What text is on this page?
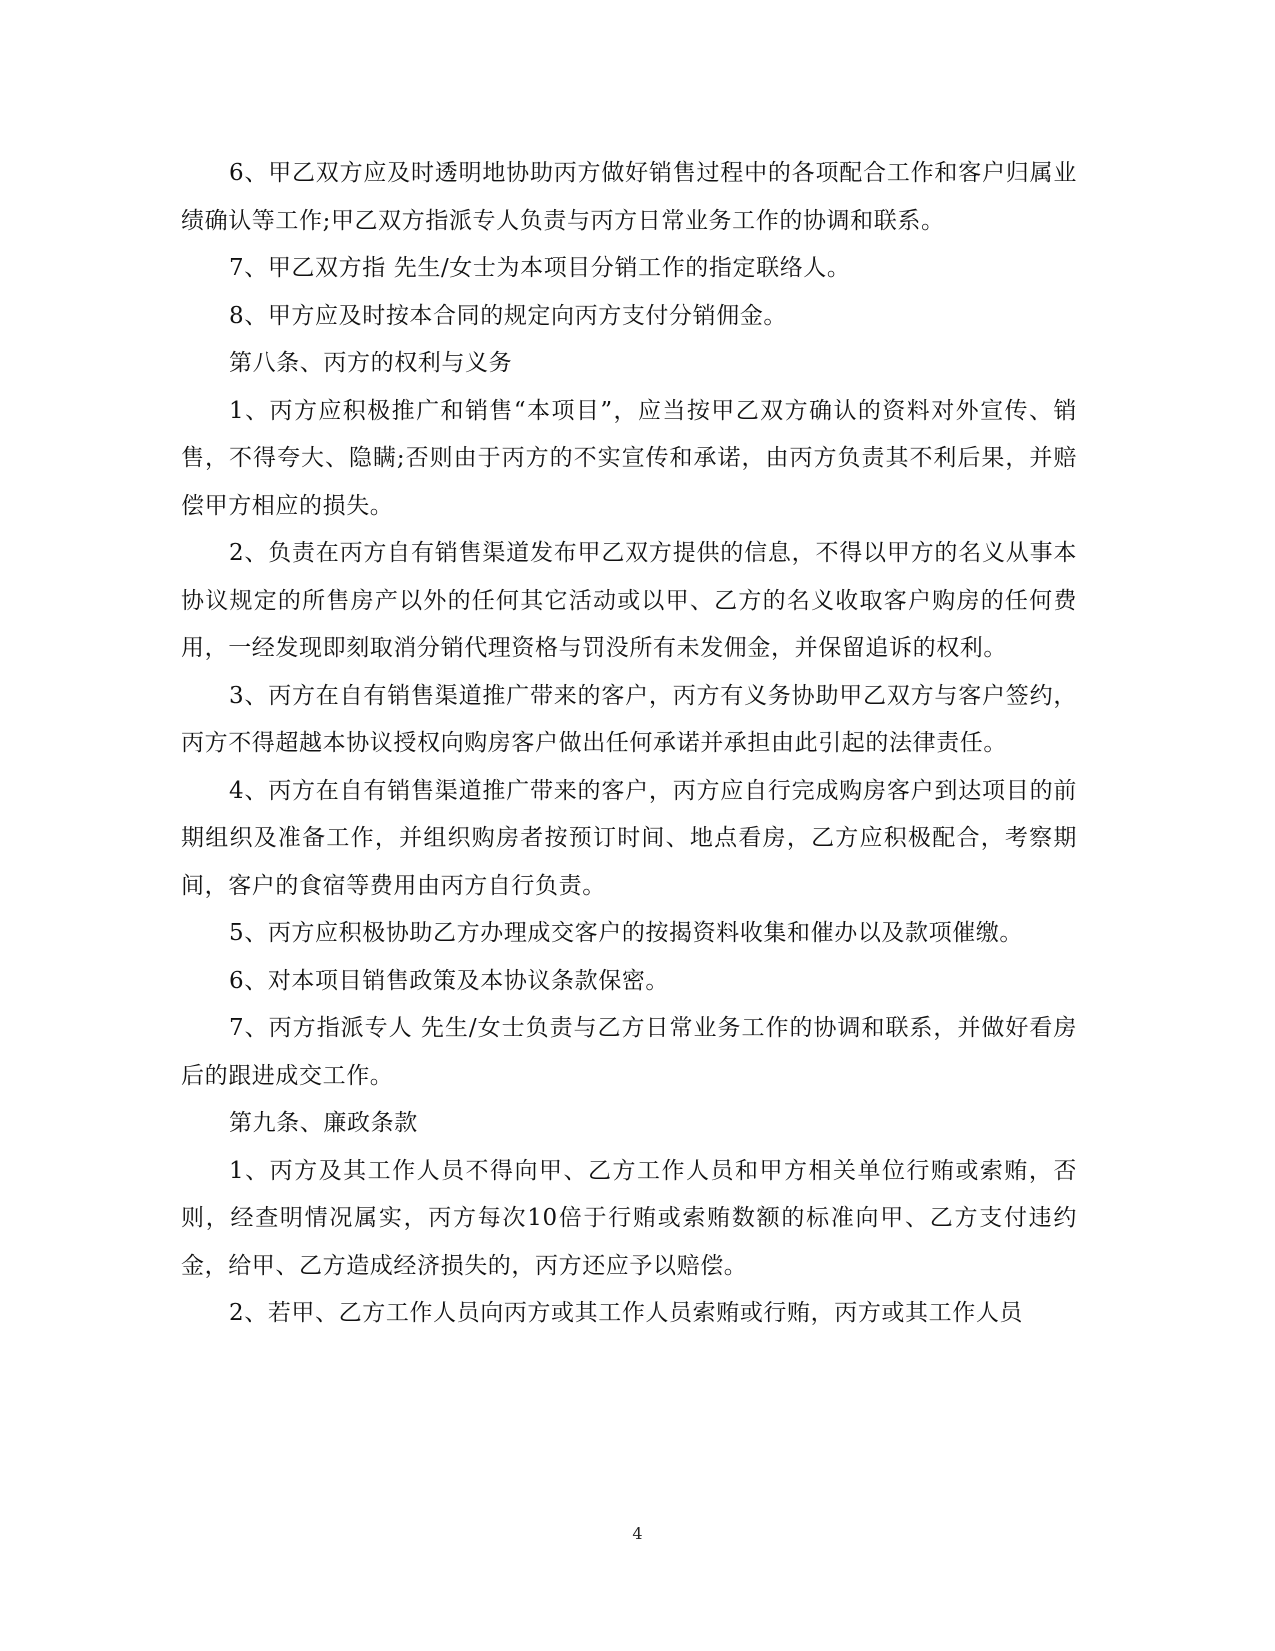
6、甲乙双方应及时透明地协助丙方做好销售过程中的各项配合工作和客户归属业绩确认等工作;甲乙双方指派专人负责与丙方日常业务工作的协调和联系。

7、甲乙双方指 先生/女士为本项目分销工作的指定联络人。

8、甲方应及时按本合同的规定向丙方支付分销佣金。

第八条、丙方的权利与义务

1、丙方应积极推广和销售“本项目”，应当按甲乙双方确认的资料对外宣传、销售，不得夸大、隐瞒;否则由于丙方的不实宣传和承诺，由丙方负责其不利后果，并赔偿甲方相应的损失。

2、负责在丙方自有销售渠道发布甲乙双方提供的信息，不得以甲方的名义从事本协议规定的所售房产以外的任何其它活动或以甲、乙方的名义收取客户购房的任何费用，一经发现即刻取消分销代理资格与罚没所有未发佣金，并保留追诉的权利。

3、丙方在自有销售渠道推广带来的客户，丙方有义务协助甲乙双方与客户签约，丙方不得超越本协议授权向购房客户做出任何承诺并承担由此引起的法律责任。

4、丙方在自有销售渠道推广带来的客户，丙方应自行完成购房客户到达项目的前期组织及准备工作，并组织购房者按预订时间、地点看房，乙方应积极配合，考察期间，客户的食宿等费用由丙方自行负责。

5、丙方应积极协助乙方办理成交客户的按揭资料收集和催办以及款项催缴。

6、对本项目销售政策及本协议条款保密。

7、丙方指派专人 先生/女士负责与乙方日常业务工作的协调和联系，并做好看房后的跟进成交工作。

第九条、廉政条款

1、丙方及其工作人员不得向甲、乙方工作人员和甲方相关单位行贿或索贿，否则，经查明情况属实，丙方每次10倍于行贿或索贿数额的标准向甲、乙方支付违约金，给甲、乙方造成经济损失的，丙方还应予以赔偿。

2、若甲、乙方工作人员向丙方或其工作人员索贿或行贿，丙方或其工作人员

4
